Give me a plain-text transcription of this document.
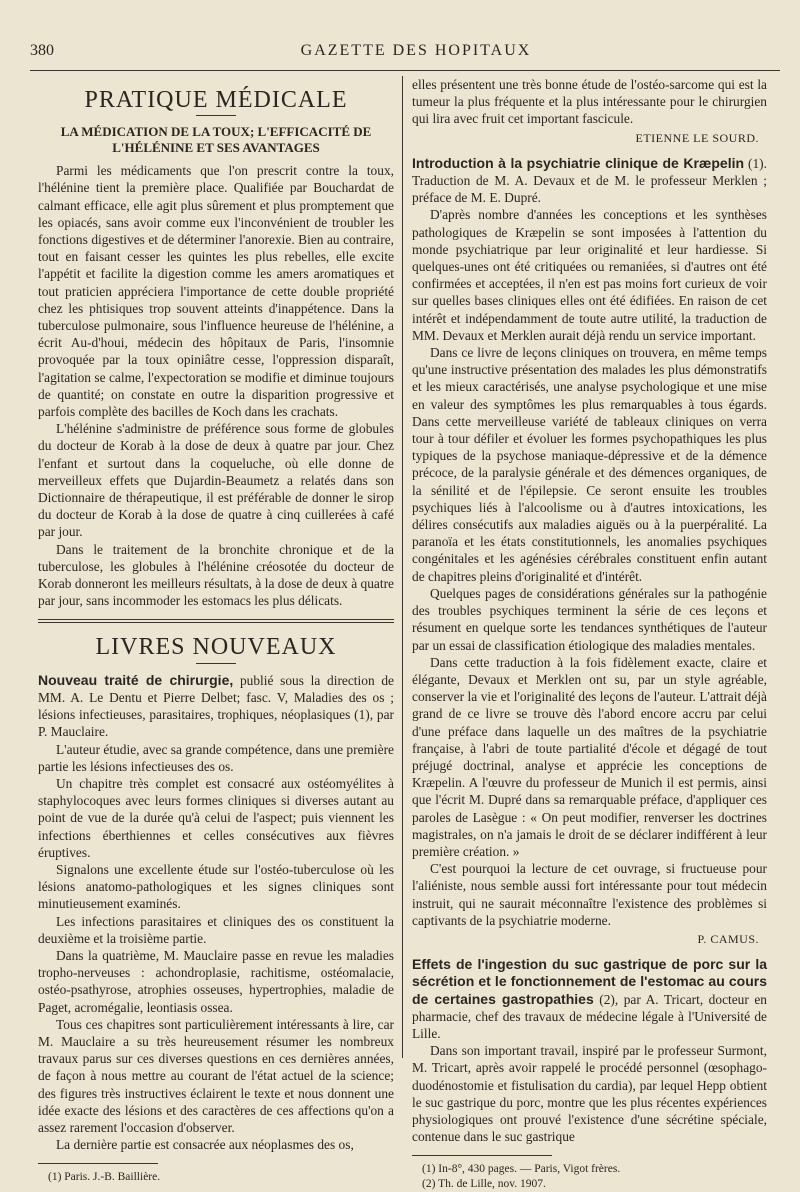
380	GAZETTE DES HOPITAUX
PRATIQUE MÉDICALE
LA MÉDICATION DE LA TOUX; L'EFFICACITÉ DE L'HÉLÉNINE ET SES AVANTAGES

Parmi les médicaments que l'on prescrit contre la toux, l'hélénine tient la première place. Qualifiée par Bouchardat de calmant efficace, elle agit plus sûrement et plus promptement que les opiacés, sans avoir comme eux l'inconvénient de troubler les fonctions digestives et de déterminer l'anorexie. Bien au contraire, tout en faisant cesser les quintes les plus rebelles, elle excite l'appétit et facilite la digestion comme les amers aromatiques et tout praticien appréciera l'importance de cette double propriété chez les phtisiques trop souvent atteints d'inappétence. Dans la tuberculose pulmonaire, sous l'influence heureuse de l'hélénine, a écrit Au-d'houi, médecin des hôpitaux de Paris, l'insomnie provoquée par la toux opiniâtre cesse, l'oppression disparaît, l'agitation se calme, l'expectoration se modifie et diminue toujours de quantité; on constate en outre la disparition progressive et parfois complète des bacilles de Koch dans les crachats.

L'hélénine s'administre de préférence sous forme de globules du docteur de Korab à la dose de deux à quatre par jour. Chez l'enfant et surtout dans la coqueluche, où elle donne de merveilleux effets que Dujardin-Beaumetz a relatés dans son Dictionnaire de thérapeutique, il est préférable de donner le sirop du docteur de Korab à la dose de quatre à cinq cuillerées à café par jour.

Dans le traitement de la bronchite chronique et de la tuberculose, les globules à l'hélénine créosotée du docteur de Korab donneront les meilleurs résultats, à la dose de deux à quatre par jour, sans incommoder les estomacs les plus délicats.

LIVRES NOUVEAUX

Nouveau traité de chirurgie, publié sous la direction de MM. A. Le Dentu et Pierre Delbet; fasc. V, Maladies des os ; lésions infectieuses, parasitaires, trophiques, néoplasiques (1), par P. Mauclaire.

L'auteur étudie, avec sa grande compétence, dans une première partie les lésions infectieuses des os.

Un chapitre très complet est consacré aux ostéomyélites à staphylocoques avec leurs formes cliniques si diverses autant au point de vue de la durée qu'à celui de l'aspect; puis viennent les infections éberthiennes et celles consécutives aux fièvres éruptives.

Signalons une excellente étude sur l'ostéo-tuberculose où les lésions anatomo-pathologiques et les signes cliniques sont minutieusement examinés.

Les infections parasitaires et cliniques des os constituent la deuxième et la troisième partie.

Dans la quatrième, M. Mauclaire passe en revue les maladies tropho-nerveuses : achondroplasie, rachitisme, ostéomalacie, ostéo-psathyrose, atrophies osseuses, hypertrophies, maladie de Paget, acromégalie, leontiasis ossea.

Tous ces chapitres sont particulièrement intéressants à lire, car M. Mauclaire a su très heureusement résumer les nombreux travaux parus sur ces diverses questions en ces dernières années, de façon à nous mettre au courant de l'état actuel de la science; des figures très instructives éclairent le texte et nous donnent une idée exacte des lésions et des caractères de ces affections qu'on a assez rarement l'occasion d'observer.

La dernière partie est consacrée aux néoplasmes des os,

(1) Paris. J.-B. Baillière.

elles présentent une très bonne étude de l'ostéo-sarcome qui est la tumeur la plus fréquente et la plus intéressante pour le chirurgien qui lira avec fruit cet important fascicule.

ETIENNE LE SOURD.

Introduction à la psychiatrie clinique de Kræpelin (1). Traduction de M. A. Devaux et de M. le professeur Merklen ; préface de M. E. Dupré.

D'après nombre d'années les conceptions et les synthèses pathologiques de Kræpelin se sont imposées à l'attention du monde psychiatrique par leur originalité et leur hardiesse. Si quelques-unes ont été critiquées ou remaniées, si d'autres ont été confirmées et acceptées, il n'en est pas moins fort curieux de voir sur quelles bases cliniques elles ont été édifiées. En raison de cet intérêt et indépendamment de toute autre utilité, la traduction de MM. Devaux et Merklen aurait déjà rendu un service important.

Dans ce livre de leçons cliniques on trouvera, en même temps qu'une instructive présentation des malades les plus démonstratifs et les mieux caractérisés, une analyse psychologique et une mise en valeur des symptômes les plus remarquables à tous égards. Dans cette merveilleuse variété de tableaux cliniques on verra tour à tour défiler et évoluer les formes psychopathiques les plus typiques de la psychose maniaque-dépressive et de la démence précoce, de la paralysie générale et des démences organiques, de la sénilité et de l'épilepsie. Ce seront ensuite les troubles psychiques liés à l'alcoolisme ou à d'autres intoxications, les délires consécutifs aux maladies aiguës ou à la puerpéralité. La paranoïa et les états constitutionnels, les anomalies psychiques congénitales et les agénésies cérébrales constituent enfin autant de chapitres pleins d'originalité et d'intérêt.

Quelques pages de considérations générales sur la pathogénie des troubles psychiques terminent la série de ces leçons et résument en quelque sorte les tendances synthétiques de l'auteur par un essai de classification étiologique des maladies mentales.

Dans cette traduction à la fois fidèlement exacte, claire et élégante, Devaux et Merklen ont su, par un style agréable, conserver la vie et l'originalité des leçons de l'auteur. L'attrait déjà grand de ce livre se trouve dès l'abord encore accru par celui d'une préface dans laquelle un des maîtres de la psychiatrie française, à l'abri de toute partialité d'école et dégagé de tout préjugé doctrinal, analyse et apprécie les conceptions de Kræpelin. A l'œuvre du professeur de Munich il est permis, ainsi que l'écrit M. Dupré dans sa remarquable préface, d'appliquer ces paroles de Lasègue : « On peut modifier, renverser les doctrines magistrales, on n'a jamais le droit de se déclarer indifférent à leur première création. »

C'est pourquoi la lecture de cet ouvrage, si fructueuse pour l'aliéniste, nous semble aussi fort intéressante pour tout médecin instruit, qui ne saurait méconnaître l'existence des problèmes si captivants de la psychiatrie moderne.

P. CAMUS.

Effets de l'ingestion du suc gastrique de porc sur la sécrétion et le fonctionnement de l'estomac au cours de certaines gastropathies (2), par A. Tricart, docteur en pharmacie, chef des travaux de médecine légale à l'Université de Lille.

Dans son important travail, inspiré par le professeur Surmont, M. Tricart, après avoir rappelé le procédé personnel (œsophago-duodénostomie et fistulisation du cardia), par lequel Hepp obtient le suc gastrique du porc, montre que les plus récentes expériences physiologiques ont prouvé l'existence d'une sécrétine spéciale, contenue dans le suc gastrique

(1) In-8°, 430 pages. — Paris, Vigot frères.

(2) Th. de Lille, nov. 1907.
